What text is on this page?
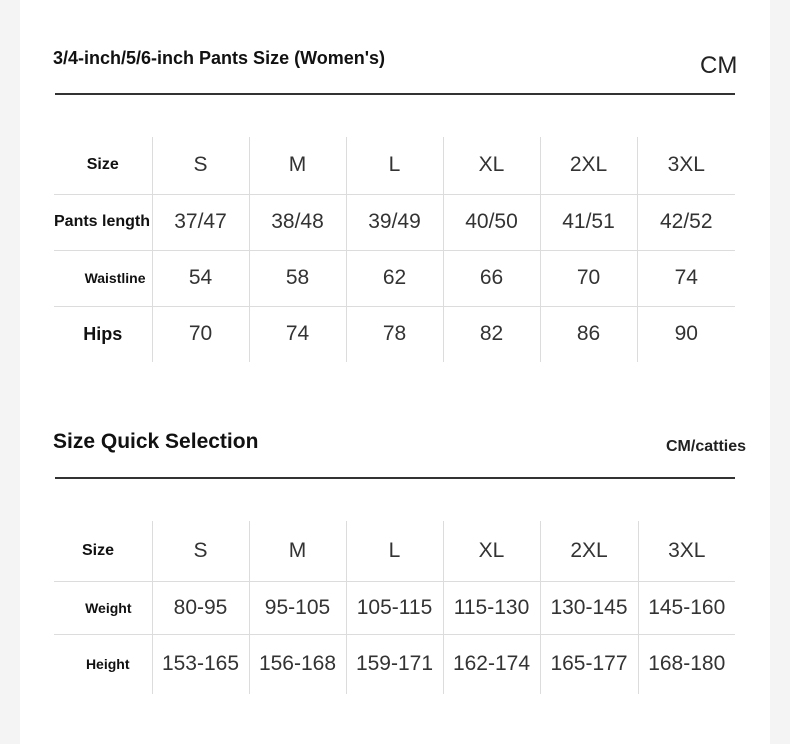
3/4-inch/5/6-inch Pants Size (Women's)	CM
Size	S	M	L	XL	2XL	3XL
Pants length	37/47	38/48	39/49	40/50	41/51	42/52
Waistline	54	58	62	66	70	74
Hips	70	74	78	82	86	90
Size Quick Selection	CM/catties
Size	S	M	L	XL	2XL	3XL
Weight	80-95	95-105	105-115	115-130	130-145	145-160
Height	153-165	156-168	159-171	162-174	165-177	168-180
